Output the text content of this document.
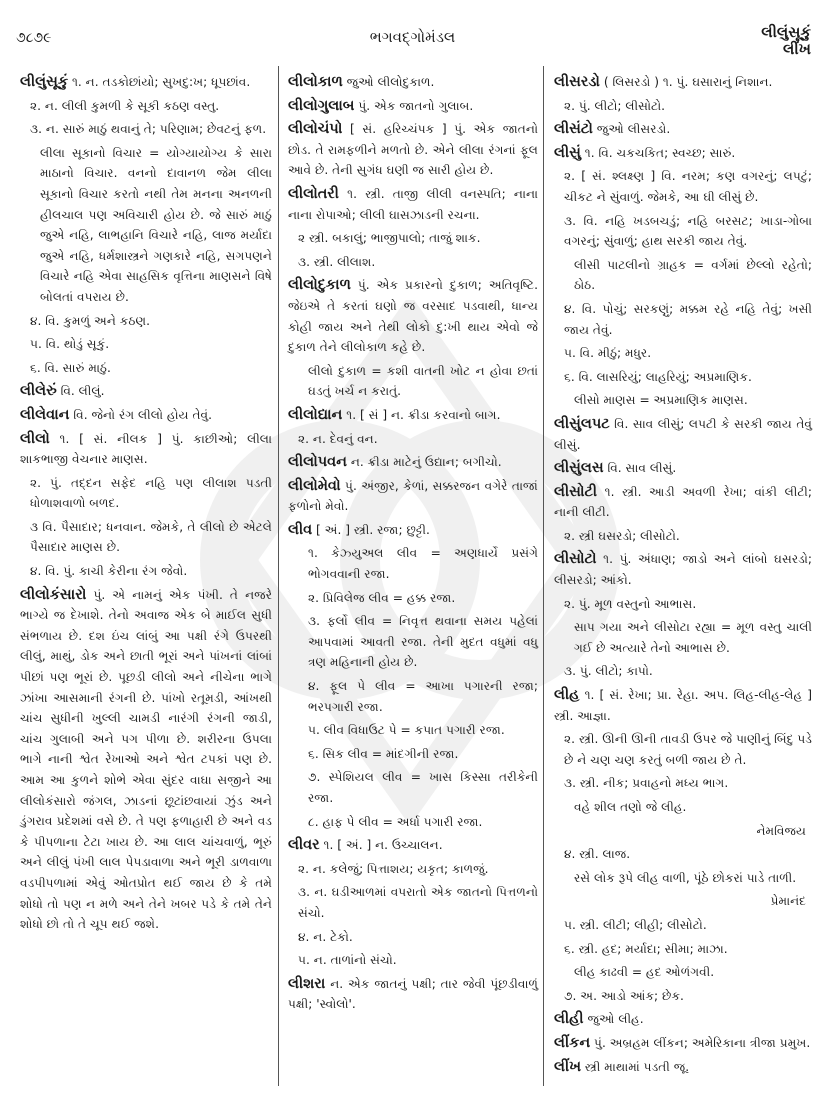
૭૮૭૯	ભગવદ્ગોમંડલ	લીલુંસૂકું
લીંખ
લીલુંસૂકું ૧. ન. તડકોછાંયો; સુખદુ:ખ; ધૂપછાંવ.
૨. ન. લીલી કુમળી કે સૂકી કઠણ વસ્તુ.
૩. ન. સારું માઠું થવાનું તે; પરિણામ; છેવટનું ફળ.
લીલા સૂકાનો વિચાર = યોગ્યાયોગ્ય કે સારા માઠાનો વિચાર. વનનો દાવાનળ જેમ લીલા સૂકાનો વિચાર કરતો નથી તેમ મનના અનળની હીલચાલ પણ અવિચારી હોય છે. જે સારું માઠું જુએ નહિ, લાભહાનિ વિચારે નહિ, લાજ મર્યાદા જુએ નહિ, ધર્મશાસ્ત્રને ગણકારે નહિ, સગપણને વિચારે નહિ એવા સાહસિક વૃત્તિના માણસને વિષે બોલતાં વપરાય છે.
૪. વિ. કુમળું અને કઠણ.
૫. વિ. થોડું સૂકું.
૬. વિ. સારું માઠું.
લીલેરું વિ. લીલું.
લીલેવાન વિ. જેનો રંગ લીલો હોય તેવું.
લીલો ૧. [ સં. નીલક ] પું. કાછીઓ; લીલા શાકભાજી વેચનાર માણસ.
૨. પું. તદ્દન સફેદ નહિ પણ લીલાશ પડતી ધોળાશવાળો બળદ.
૩ વિ. પૈસાદાર; ધનવાન. જેમકે, તે લીલો છે એટલે પૈસાદાર માણસ છે.
૪. વિ. પું. કાચી કેરીના રંગ જેવો.
લીલોકંસારો પું. એ નામનું એક પંખી. તે નજરે ભાગ્યે જ દેખાશે. તેનો અવાજ એક બે માઈલ સુધી સંભળાય છે. દશ ઇંચ લાંબું આ પક્ષી રંગે ઉપરથી લીલું, માથું, ડોક અને છાતી ભૂરાં અને પાંખનાં લાંબાં પીછાં પણ ભૂરાં છે. પૂછડી લીલો અને નીચેના ભાગે ઝાંખા આસમાની રંગની છે. પાંખો રતૂમડી, આંખથી ચાંચ સુધીની ખુલ્લી ચામડી નારંગી રંગની જાડી, ચાંચ ગુલાબી અને પગ પીળા છે. શરીરના ઉપલા ભાગે નાની શ્વેત રેખાઓ અને શ્વેત ટપકાં પણ છે. આમ આ કુળને શોભે એવા સુંદર વાઘા સજીને આ લીલોકંસારો જંગલ, ઝાડનાં છૂટાંછવાયાં ઝુંડ અને ડુંગરાવ પ્રદેશમાં વસે છે. તે પણ ફળાહારી છે અને વડ કે પીપળાના ટેટા ખાય છે. આ લાલ ચાંચવાળું, ભૂરું અને લીલું પંખી લાલ પેપડાવાળા અને ભૂરી ડાળવાળા વડપીપળામાં એવું ઓતપ્રોત થઈ જાય છે કે તમે શોધો તો પણ ન મળે અને તેને ખબર પડે કે તમે તેને શોધો છો તો તે ચૂપ થઈ જશે.
લીલોકાળ જુઓ લીલોદુકાળ.
લીલોગુલાબ પું. એક જાતનો ગુલાબ.
લીલોચંપો [ સં. હરિચ્ચંપક ] પું. એક જાતનો છોડ. તે રામફળીને મળતો છે. એને લીલા રંગનાં ફૂલ આવે છે. તેની સુગંધ ઘણી જ સારી હોય છે.
લીલોતરી ૧. સ્ત્રી. તાજી લીલી વનસ્પતિ; નાના નાના રોપાઓ; લીલી ઘાસઝાડની રચના.
૨ સ્ત્રી. બકાલું; ભાજીપાલો; તાજું શાક.
૩. સ્ત્રી. લીલાશ.
લીલોદુકાળ પું. એક પ્રકારનો દુકાળ; અતિવૃષ્ટિ. જેઇએ તે કરતાં ઘણો જ વરસાદ પડવાથી, ધાન્ય કોહી જાય અને તેથી લોકો દુ:ખી થાય એવો જે દુકાળ તેને લીલોકાળ કહે છે.
લીલો દુકાળ = કશી વાતની ખોટ ન હોવા છતાં ઘડતું ખર્ચ ન કરાતું.
લીલોદ્યાન ૧. [ સં ] ન. ક્રીડા કરવાનો બાગ.
૨. ન. દેવનું વન.
લીલોપવન ન. ક્રીડા માટેનું ઉદ્યાન; બગીચો.
લીલોમેવો પું. અંજીર, કેળાં, સક્કરજન વગેરે તાજાં ફળોનો મેવો.
લીવ [ અં. ] સ્ત્રી. રજા; છુટ્ટી.
૧. કેઝ્યુઅલ લીવ = અણધાર્યે પ્રસંગે ભોગવવાની રજા.
૨. પ્રિવિલેજ લીવ = હક્ક રજા.
૩. ફર્લો લીવ = નિવૃત્ત થવાના સમય પહેલાં આપવામાં આવતી રજા. તેની મુદત વધુમાં વધુ ત્રણ મહિનાની હોય છે.
૪. ફૂલ પે લીવ = આખા પગારની રજા; ભરપગારી રજા.
૫. લીવ વિધાઉટ પે = કપાત પગારી રજા.
૬. સિક લીવ = માંદગીની રજા.
૭. સ્પેશિયલ લીવ = ખાસ કિસ્સા તરીકેની રજા.
૮. હાફ પે લીવ = અર્ધા પગારી રજા.
લીવર ૧. [ અં. ] ન. ઉચ્ચાલન.
૨. ન. કલેજું; પિત્તાશય; યકૃત; કાળજું.
૩. ન. ઘડીઆળમાં વપરાતો એક જાતનો પિત્તળનો સંચો.
૪. ન. ટેકો.
૫. ન. તાળાંનો સંચો.
લીશરા ન. એક જાતનું પક્ષી; તાર જેવી પૂંછડીવાળું પક્ષી; 'સ્વોલો'.
લીસરડો ( લિસરડો ) ૧. પું. ઘસારાનું નિશાન.
૨. પું. લીટો; લીસોટો.
લીસંટો જુઓ લીસરડો.
લીસું ૧. વિ. ચકચકિત; સ્વચ્છ; સારું.
૨. [ સં. શ્લક્ષ્ણ ] વિ. નરમ; કણ વગરનું; લપટું; ચીકટ ને સુંવાળું. જેમકે, આ ઘી લીસું છે.
૩. વિ. નહિ ખડબચડું; નહિ બરસટ; ખાડા-ગોબા વગરનું; સુંવાળું; હાથ સરકી જાય તેવું.
લીસી પાટલીનો ગ્રાહક = વર્ગમાં છેલ્લો રહેતો; ઠોઠ.
૪. વિ. પોચું; સરકણું; મક્કમ રહે નહિ તેવું; ખસી જાય તેવું.
૫. વિ. મીઠું; મધુર.
૬. વિ. લાસરિયું; લાહરિયું; અપ્રમાણિક.
લીસો માણસ = અપ્રમાણિક માણસ.
લીસુંલપટ વિ. સાવ લીસું; લપટી કે સરકી જાય તેવું લીસું.
લીસુંલસ વિ. સાવ લીસું.
લીસોટી ૧. સ્ત્રી. આડી અવળી રેખા; વાંકી લીટી; નાની લીટી.
૨. સ્ત્રી ઘસરડો; લીસોટો.
લીસોટો ૧. પું. અંધાણ; જાડો અને લાંબો ઘસરડો; લીસરડો; આંકો.
૨. પું. મૂળ વસ્તુનો આભાસ.
સાપ ગયા અને લીસોટા રહ્યા = મૂળ વસ્તુ ચાલી ગઈ છે અત્યારે તેનો આભાસ છે.
૩. પું. લીટો; કાપો.
લીહ ૧. [ સં. રેખા; પ્રા. રેહા. અપ. લિહ-લીહ-લેહ ] સ્ત્રી. આજ્ઞા.
૨. સ્ત્રી. ઊની ઊની તાવડી ઉપર જે પાણીનું બિંદુ પડે છે ને ચણ ચણ કરતું બળી જાય છે તે.
૩. સ્ત્રી. નીક; પ્રવાહનો મધ્ય ભાગ.
વહે શીલ તણો જે લીહ.
નેમવિજય
૪. સ્ત્રી. લાજ.
રસે લોક રૂપે લીહ વાળી, પૂંઠે છોકરાં પાડે તાળી.
પ્રેમાનંદ
૫. સ્ત્રી. લીટી; લીહી; લીસોટો.
૬. સ્ત્રી. હદ; મર્યાદા; સીમા; માઝા.
લીહ કાઢવી = હદ ઓળંગવી.
૭. અ. આડો આંક; છેક.
લીહી જુઓ લીહ.
લીંકન પું. અબ્રહમ લીંકન; અમેરિકાના ત્રીજા પ્રમુખ.
લીંખ સ્ત્રી માથામાં પડતી જૂ.
